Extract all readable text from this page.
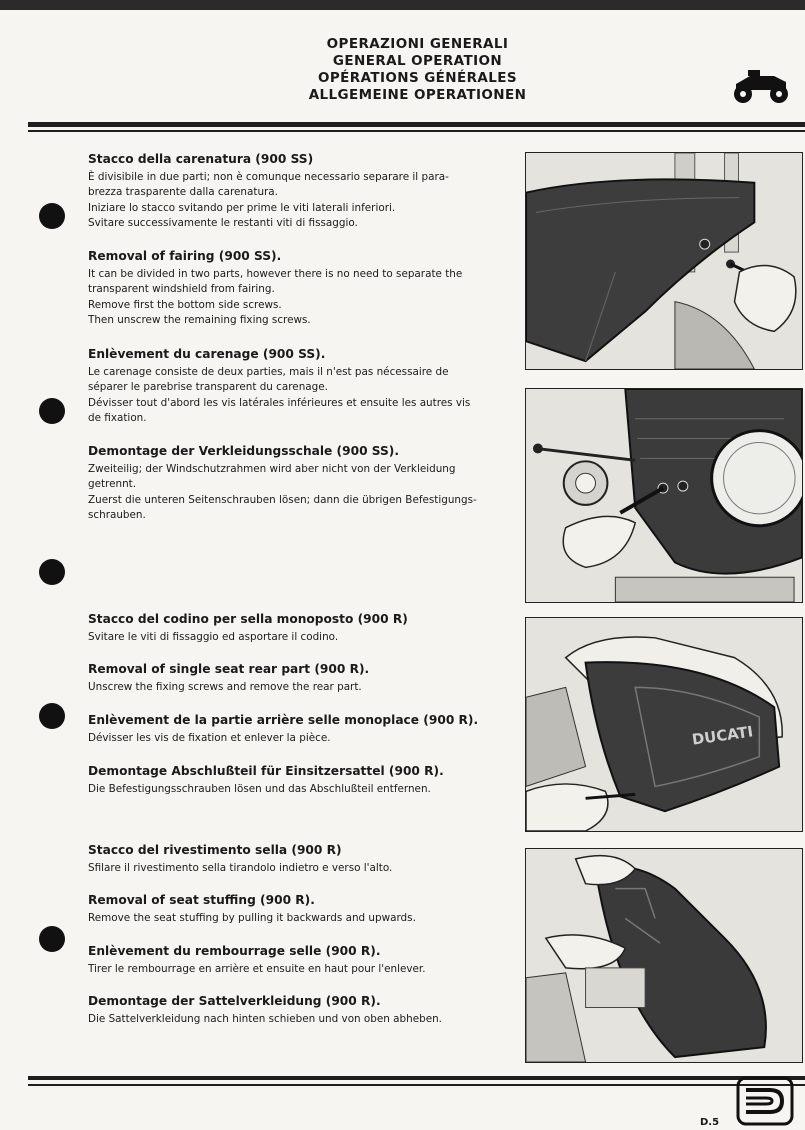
OPERAZIONI GENERALI
GENERAL OPERATION
OPÉRATIONS GÉNÉRALES
ALLGEMEINE OPERATIONEN
Stacco della carenatura (900 SS)

È divisibile in due parti; non è comunque necessario separare il para-
brezza trasparente dalla carenatura.
Iniziare lo stacco svitando per prime le viti laterali inferiori.
Svitare successivamente le restanti viti di fissaggio.

Removal of fairing (900 SS).

It can be divided in two parts, however there is no need to separate the
transparent windshield from fairing.
Remove first the bottom side screws.
Then unscrew the remaining fixing screws.

Enlèvement du carenage (900 SS).

Le carenage consiste de deux parties, mais il n'est pas nécessaire de
séparer le parebrise transparent du carenage.
Dévisser tout d'abord les vis latérales inférieures et ensuite les autres vis
de fixation.

Demontage der Verkleidungsschale (900 SS).

Zweiteilig; der Windschutzrahmen wird aber nicht von der Verkleidung
getrennt.
Zuerst die unteren Seitenschrauben lösen; dann die übrigen Befestigungs-
schrauben.

Stacco del codino per sella monoposto (900 R)

Svitare le viti di fissaggio ed asportare il codino.

Removal of single seat rear part (900 R).

Unscrew the fixing screws and remove the rear part.

Enlèvement de la partie arrière selle monoplace (900 R).

Dévisser les vis de fixation et enlever la pièce.

Demontage Abschlußteil für Einsitzersattel (900 R).

Die Befestigungsschrauben lösen und das Abschlußteil entfernen.

Stacco del rivestimento sella (900 R)

Sfilare il rivestimento sella tirandolo indietro e verso l'alto.

Removal of seat stuffing (900 R).

Remove the seat stuffing by pulling it backwards and upwards.

Enlèvement du rembourrage selle (900 R).

Tirer le rembourrage en arrière et ensuite en haut pour l'enlever.

Demontage der Sattelverkleidung (900 R).

Die Sattelverkleidung nach hinten schieben und von oben abheben.

DUCATI
D.5
